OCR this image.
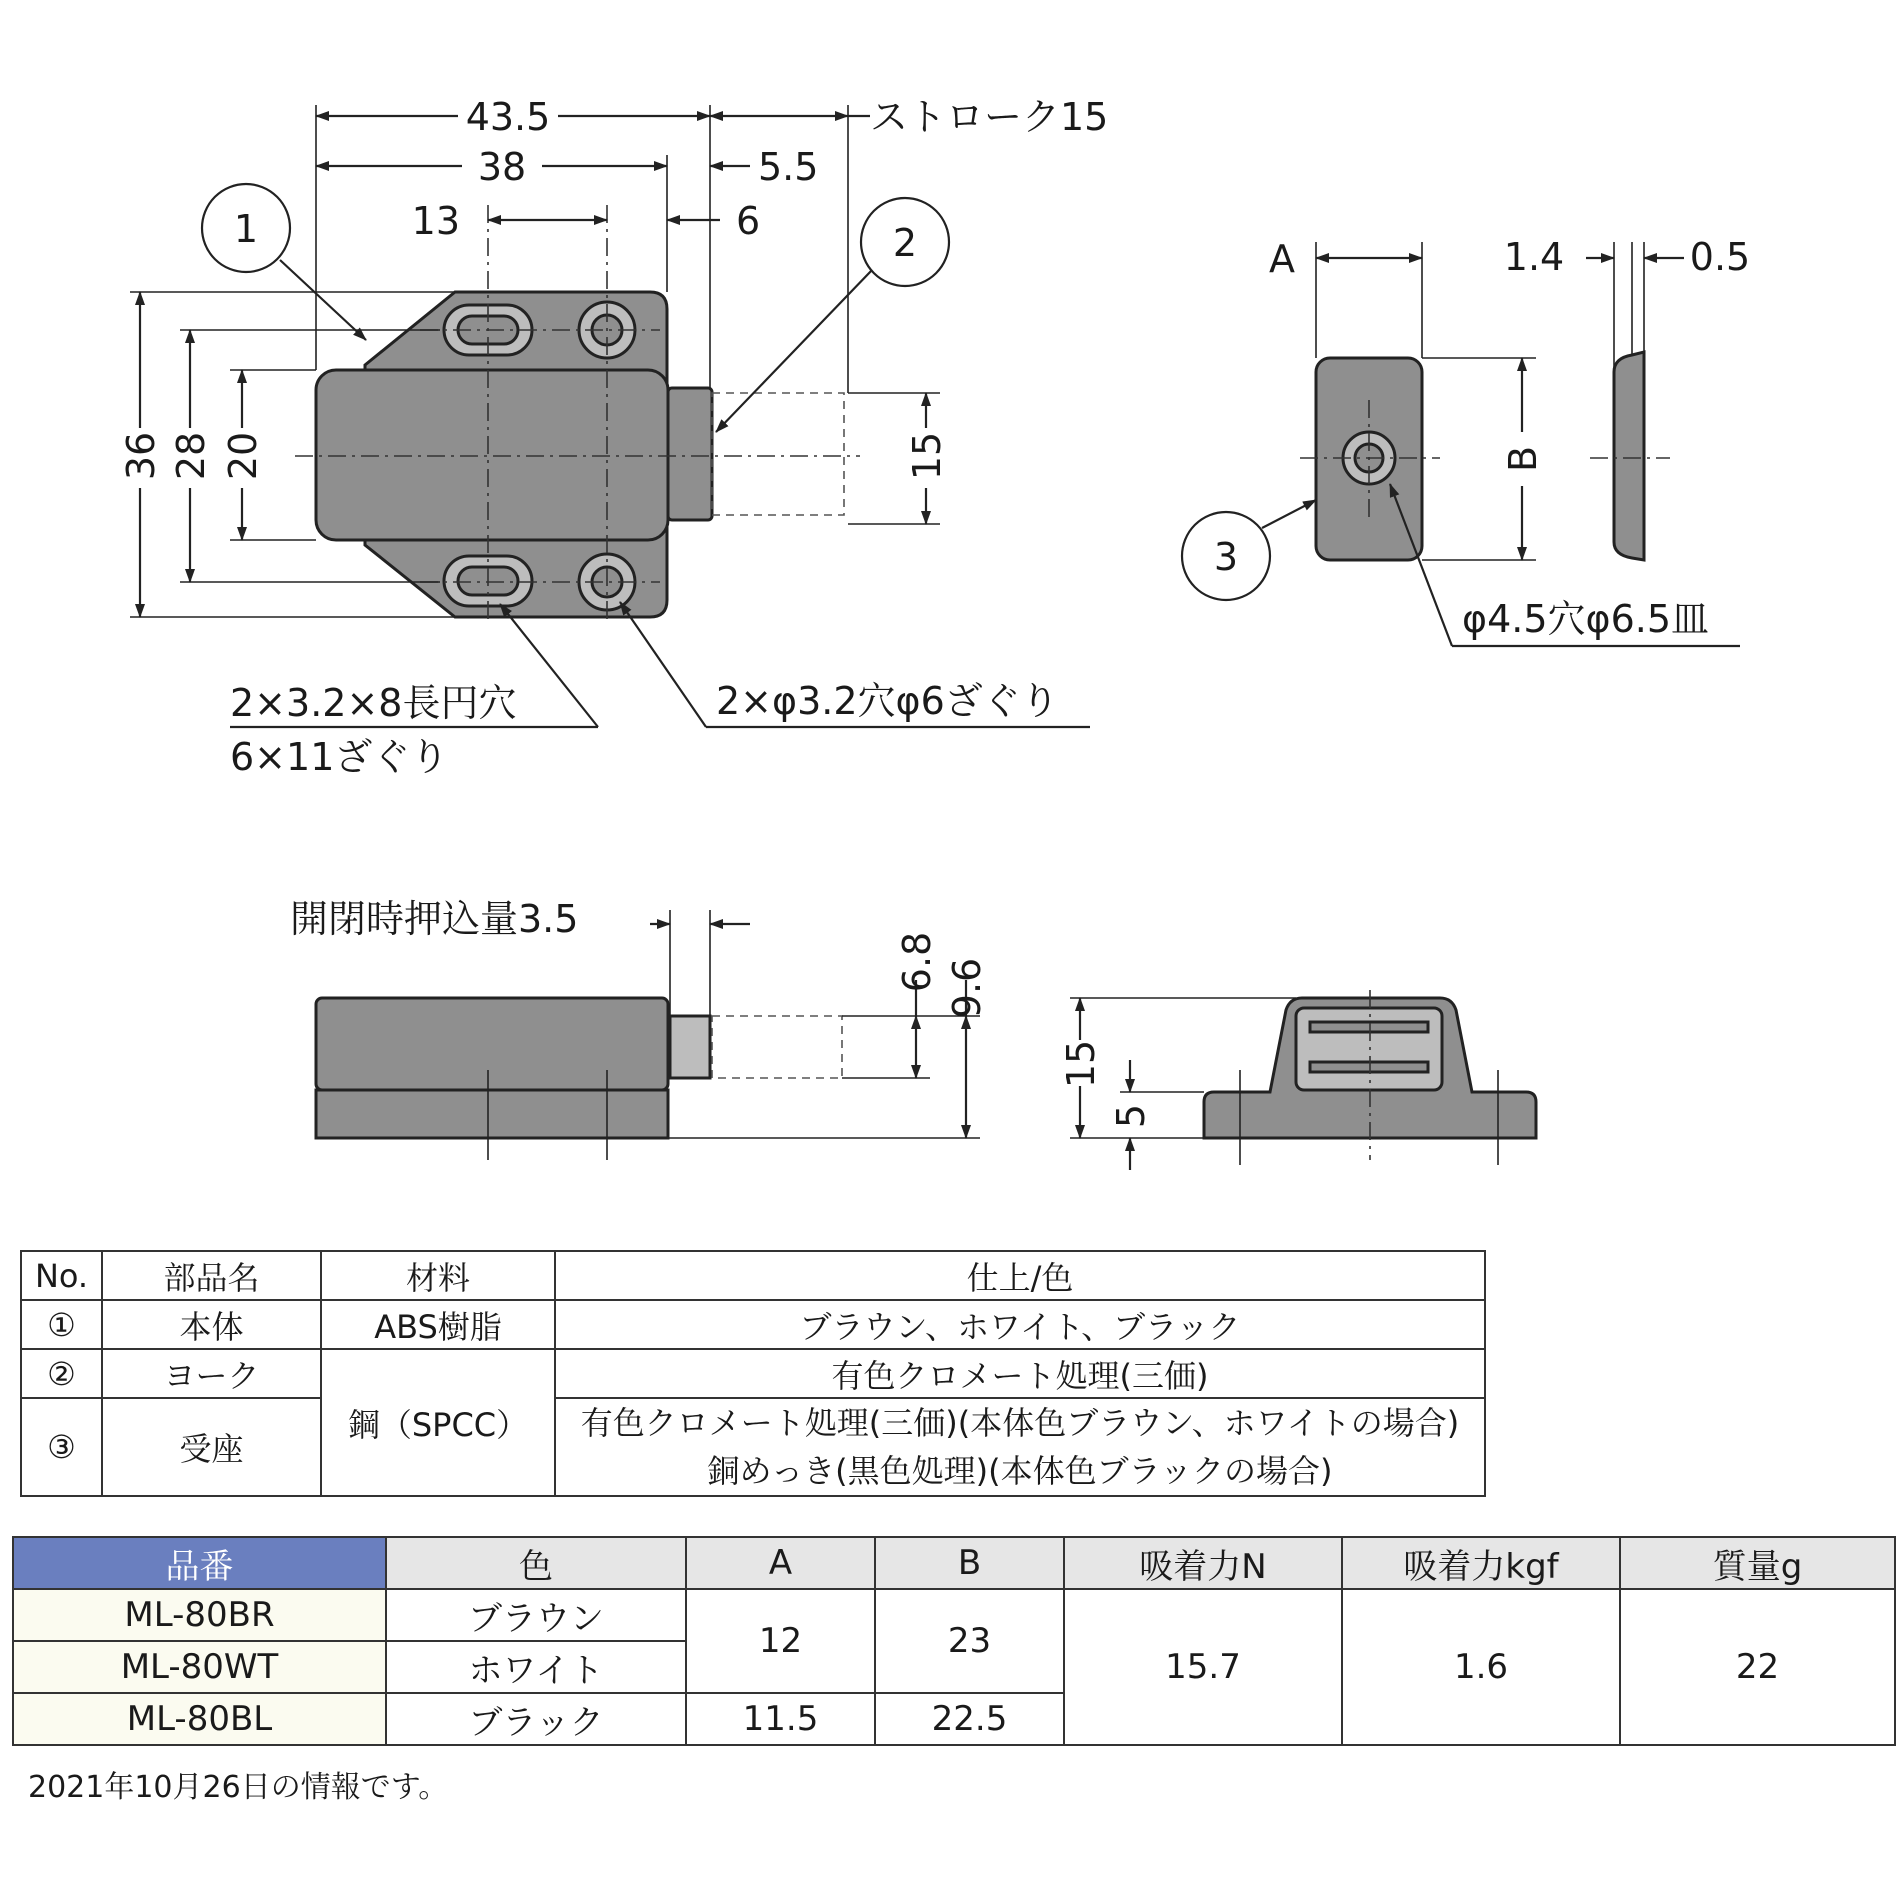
43.5	ストローク15
38	5.5
13	6
36 28 20	15
1	2
2×3.2×8長円穴
6×11ざぐり
2×φ3.2穴φ6ざぐり
A
B
1.4	0.5
3
φ4.5穴φ6.5皿
開閉時押込量3.5
6.8 9.6
15
5
No.	部品名	材料	仕上/色
①	本体	ABS樹脂	ブラウン、ホワイト、ブラック
②	ヨーク	鋼（SPCC）	有色クロメート処理(三価)
③	受座		有色クロメート処理(三価)(本体色ブラウン、ホワイトの場合)
銅めっき(黒色処理)(本体色ブラックの場合)
品番	色	A	B	吸着力N	吸着力kgf	質量g
ML-80BR	ブラウン	12	23	15.7	1.6	22
ML-80WT	ホワイト					
ML-80BL	ブラック	11.5	22.5			
2021年10月26日の情報です。
